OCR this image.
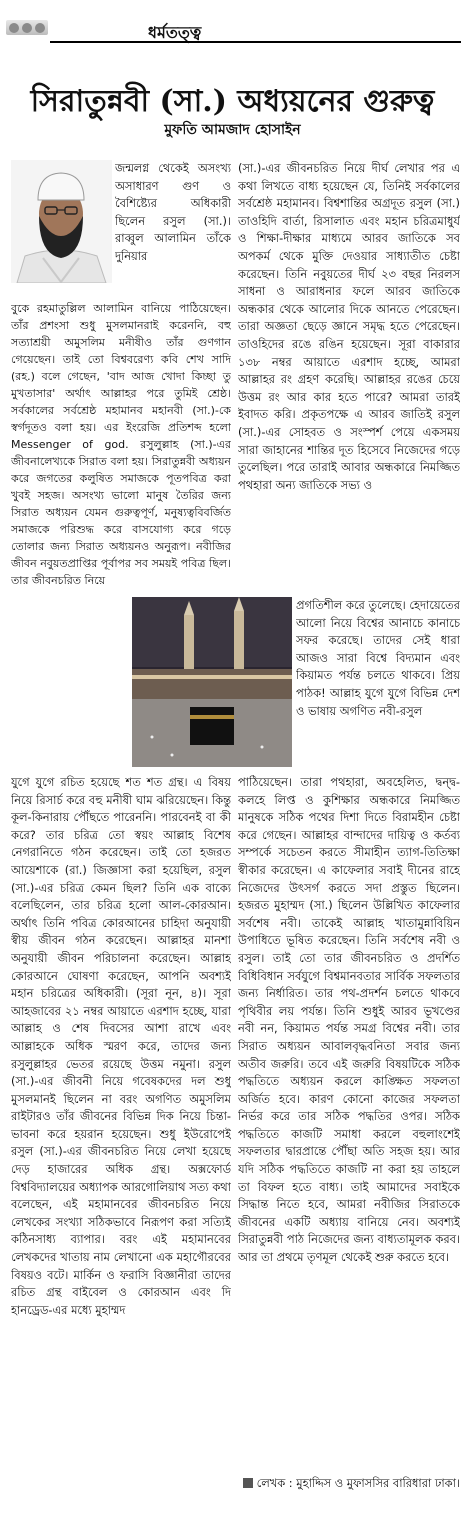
ধর্মতত্ত্ব
সিরাতুন্নবী (সা.) অধ্যয়নের গুরুত্ব
মুফতি আমজাদ হোসাইন

জন্মলগ্ন থেকেই অসংখ্য অসাধারণ গুণ ও বৈশিষ্ট্যের অধিকারী ছিলেন রসুল (সা.)। রাব্বুল আলামিন তাঁকে দুনিয়ার

বুকে রহমাতুল্লিল আলামিন বানিয়ে পাঠিয়েছেন। তাঁর প্রশংসা শুধু মুসলমানরাই করেননি, বহু সত্যাশ্রয়ী অমুসলিম মনীষীও তাঁর গুণগান গেয়েছেন। তাই তো বিশ্ববরেণ্য কবি শেখ সাদি (রহ.) বলে গেছেন, 'বাদ আজ খোদা কিচ্ছা তু মুখতাসার' অর্থাৎ আল্লাহর পরে তুমিই শ্রেষ্ঠ। সর্বকালের সর্বশ্রেষ্ঠ মহামানব মহানবী (সা.)-কে স্বর্গদূতও বলা হয়। এর ইংরেজি প্রতিশব্দ হলো Messenger of god. রসুলুল্লাহ (সা.)-এর জীবনালেখ্যকে সিরাত বলা হয়। সিরাতুন্নবী অধ্যয়ন করে জগতের কলুষিত সমাজকে পূতপবিত্র করা খুবই সহজ। অসংখ্য ভালো মানুষ তৈরির জন্য সিরাত অধ্যয়ন যেমন গুরুত্বপূর্ণ, মনুষ্যত্ববিবর্জিত সমাজকে পরিশুদ্ধ করে বাসযোগ্য করে গড়ে তোলার জন্য সিরাত অধ্যয়নও অনুরূপ। নবীজির জীবন নবুয়তপ্রাপ্তির পূর্বাপর সব সময়ই পবিত্র ছিল। তার জীবনচরিত নিয়ে

যুগে যুগে রচিত হয়েছে শত শত গ্রন্থ। এ বিষয় নিয়ে রিসার্চ করে বহু মনীষী ঘাম ঝরিয়েছেন। কিন্তু কূল-কিনারায় পৌঁছতে পারেননি। পারবেনই বা কী করে? তার চরিত্র তো স্বয়ং আল্লাহ বিশেষ নেগরানিতে গঠন করেছেন। তাই তো হজরত আয়েশাকে (রা.) জিজ্ঞাসা করা হয়েছিল, রসুল (সা.)-এর চরিত্র কেমন ছিল? তিনি এক বাক্যে বলেছিলেন, তার চরিত্র হলো আল-কোরআন। অর্থাৎ তিনি পবিত্র কোরআনের চাহিদা অনুযায়ী স্বীয় জীবন গঠন করেছেন। আল্লাহর মানশা অনুযায়ী জীবন পরিচালনা করেছেন। আল্লাহ কোরআনে ঘোষণা করেছেন, আপনি অবশ্যই মহান চরিত্রের অধিকারী। (সূরা নূন, ৪)। সূরা আহজাবের ২১ নম্বর আয়াতে এরশাদ হচ্ছে, যারা আল্লাহ ও শেষ দিবসের আশা রাখে এবং আল্লাহকে অধিক স্মরণ করে, তাদের জন্য রসুলুল্লাহর ভেতর রয়েছে উত্তম নমুনা। রসুল (সা.)-এর জীবনী নিয়ে গবেষকদের দল শুধু মুসলমানই ছিলেন না বরং অগণিত অমুসলিম রাইটারও তাঁর জীবনের বিভিন্ন দিক নিয়ে চিন্তা-ভাবনা করে হয়রান হয়েছেন। শুধু ইউরোপেই রসুল (সা.)-এর জীবনচরিত নিয়ে লেখা হয়েছে দেড় হাজারের অধিক গ্রন্থ। অক্সফোর্ড বিশ্ববিদ্যালয়ের অধ্যাপক আরগোলিয়াথ সত্য কথা বলেছেন, এই মহামানবের জীবনচরিত নিয়ে লেখকের সংখ্যা সঠিকভাবে নিরূপণ করা সত্যিই কঠিনসাধ্য ব্যাপার। বরং এই মহামানবের লেখকদের খাতায় নাম লেখানো এক মহাগৌরবের বিষয়ও বটে। মার্কিন ও ফরাসি বিজ্ঞানীরা তাদের রচিত গ্রন্থ বাইবেল ও কোরআন এবং দি হানড্রেড-এর মধ্যে মুহাম্মদ

(সা.)-এর জীবনচরিত নিয়ে দীর্ঘ লেখার পর এ কথা লিখতে বাধ্য হয়েছেন যে, তিনিই সর্বকালের সর্বশ্রেষ্ঠ মহামানব। বিশ্বশান্তির অগ্রদূত রসুল (সা.) তাওহিদি বার্তা, রিসালাত এবং মহান চরিত্রমাধুর্য ও শিক্ষা-দীক্ষার মাধ্যমে আরব জাতিকে সব অপকর্ম থেকে মুক্তি দেওয়ার সাধ্যাতীত চেষ্টা করেছেন। তিনি নবুয়তের দীর্ঘ ২৩ বছর নিরলস সাধনা ও আরাধনার ফলে আরব জাতিকে অন্ধকার থেকে আলোর দিকে আনতে পেরেছেন। তারা অজ্ঞতা ছেড়ে জ্ঞানে সমৃদ্ধ হতে পেরেছেন। তাওহিদের রঙে রঙিন হয়েছেন। সূরা বাকারার ১৩৮ নম্বর আয়াতে এরশাদ হচ্ছে, আমরা আল্লাহর রং গ্রহণ করেছি। আল্লাহর রঙের চেয়ে উত্তম রং আর কার হতে পারে? আমরা তারই ইবাদত করি। প্রকৃতপক্ষে এ আরব জাতিই রসুল (সা.)-এর সোহবত ও সংস্পর্শ পেয়ে একসময় সারা জাহানের শান্তির দূত হিসেবে নিজেদের গড়ে তুলেছিল। পরে তারাই আবার অন্ধকারে নিমজ্জিত পথহারা অন্য জাতিকে সভ্য ও

প্রগতিশীল করে তুলেছে। হেদায়েতের আলো নিয়ে বিশ্বের আনাচে কানাচে সফর করেছে। তাদের সেই ধারা আজও সারা বিশ্বে বিদ্যমান এবং কিয়ামত পর্যন্ত চলতে থাকবে। প্রিয় পাঠক! আল্লাহ যুগে যুগে বিভিন্ন দেশ ও ভাষায় অগণিত নবী-রসুল

পাঠিয়েছেন। তারা পথহারা, অবহেলিত, দ্বন্দ্ব-কলহে লিপ্ত ও কুশিক্ষার অন্ধকারে নিমজ্জিত মানুষকে সঠিক পথের দিশা দিতে বিরামহীন চেষ্টা করে গেছেন। আল্লাহর বান্দাদের দায়িত্ব ও কর্তব্য সম্পর্কে সচেতন করতে সীমাহীন ত্যাগ-তিতিক্ষা স্বীকার করেছেন। এ কাফেলার সবাই দীনের রাহে নিজেদের উৎসর্গ করতে সদা প্রস্তুত ছিলেন। হজরত মুহাম্মদ (সা.) ছিলেন উল্লিখিত কাফেলার সর্বশেষ নবী। তাকেই আল্লাহ খাতামুন্নাবিয়িন উপাধিতে ভূষিত করেছেন। তিনি সর্বশেষ নবী ও রসুল। তাই তো তার জীবনচরিত ও প্রদর্শিত বিধিবিধান সর্বযুগে বিশ্বমানবতার সার্বিক সফলতার জন্য নির্ধারিত। তার পথ-প্রদর্শন চলতে থাকবে পৃথিবীর লয় পর্যন্ত। তিনি শুধুই আরব ভূখণ্ডের নবী নন, কিয়ামত পর্যন্ত সমগ্র বিশ্বের নবী। তার সিরাত অধ্যয়ন আবালবৃদ্ধবনিতা সবার জন্য অতীব জরুরি। তবে এই জরুরি বিষয়টিকে সঠিক পদ্ধতিতে অধ্যয়ন করলে কাঙ্ক্ষিত সফলতা অর্জিত হবে। কারণ কোনো কাজের সফলতা নির্ভর করে তার সঠিক পদ্ধতির ওপর। সঠিক পদ্ধতিতে কাজটি সমাধা করলে বহুলাংশেই সফলতার দ্বারপ্রান্তে পৌঁছা অতি সহজ হয়। আর যদি সঠিক পদ্ধতিতে কাজটি না করা হয় তাহলে তা বিফল হতে বাধ্য। তাই আমাদের সবাইকে সিদ্ধান্ত নিতে হবে, আমরা নবীজির সিরাতকে জীবনের একটি অধ্যায় বানিয়ে নেব। অবশ্যই সিরাতুন্নবী পাঠ নিজেদের জন্য বাধ্যতামূলক করব। আর তা প্রথমে তৃণমূল থেকেই শুরু করতে হবে।

লেখক : মুহাদ্দিস ও মুফাসসির বারিধারা ঢাকা।
